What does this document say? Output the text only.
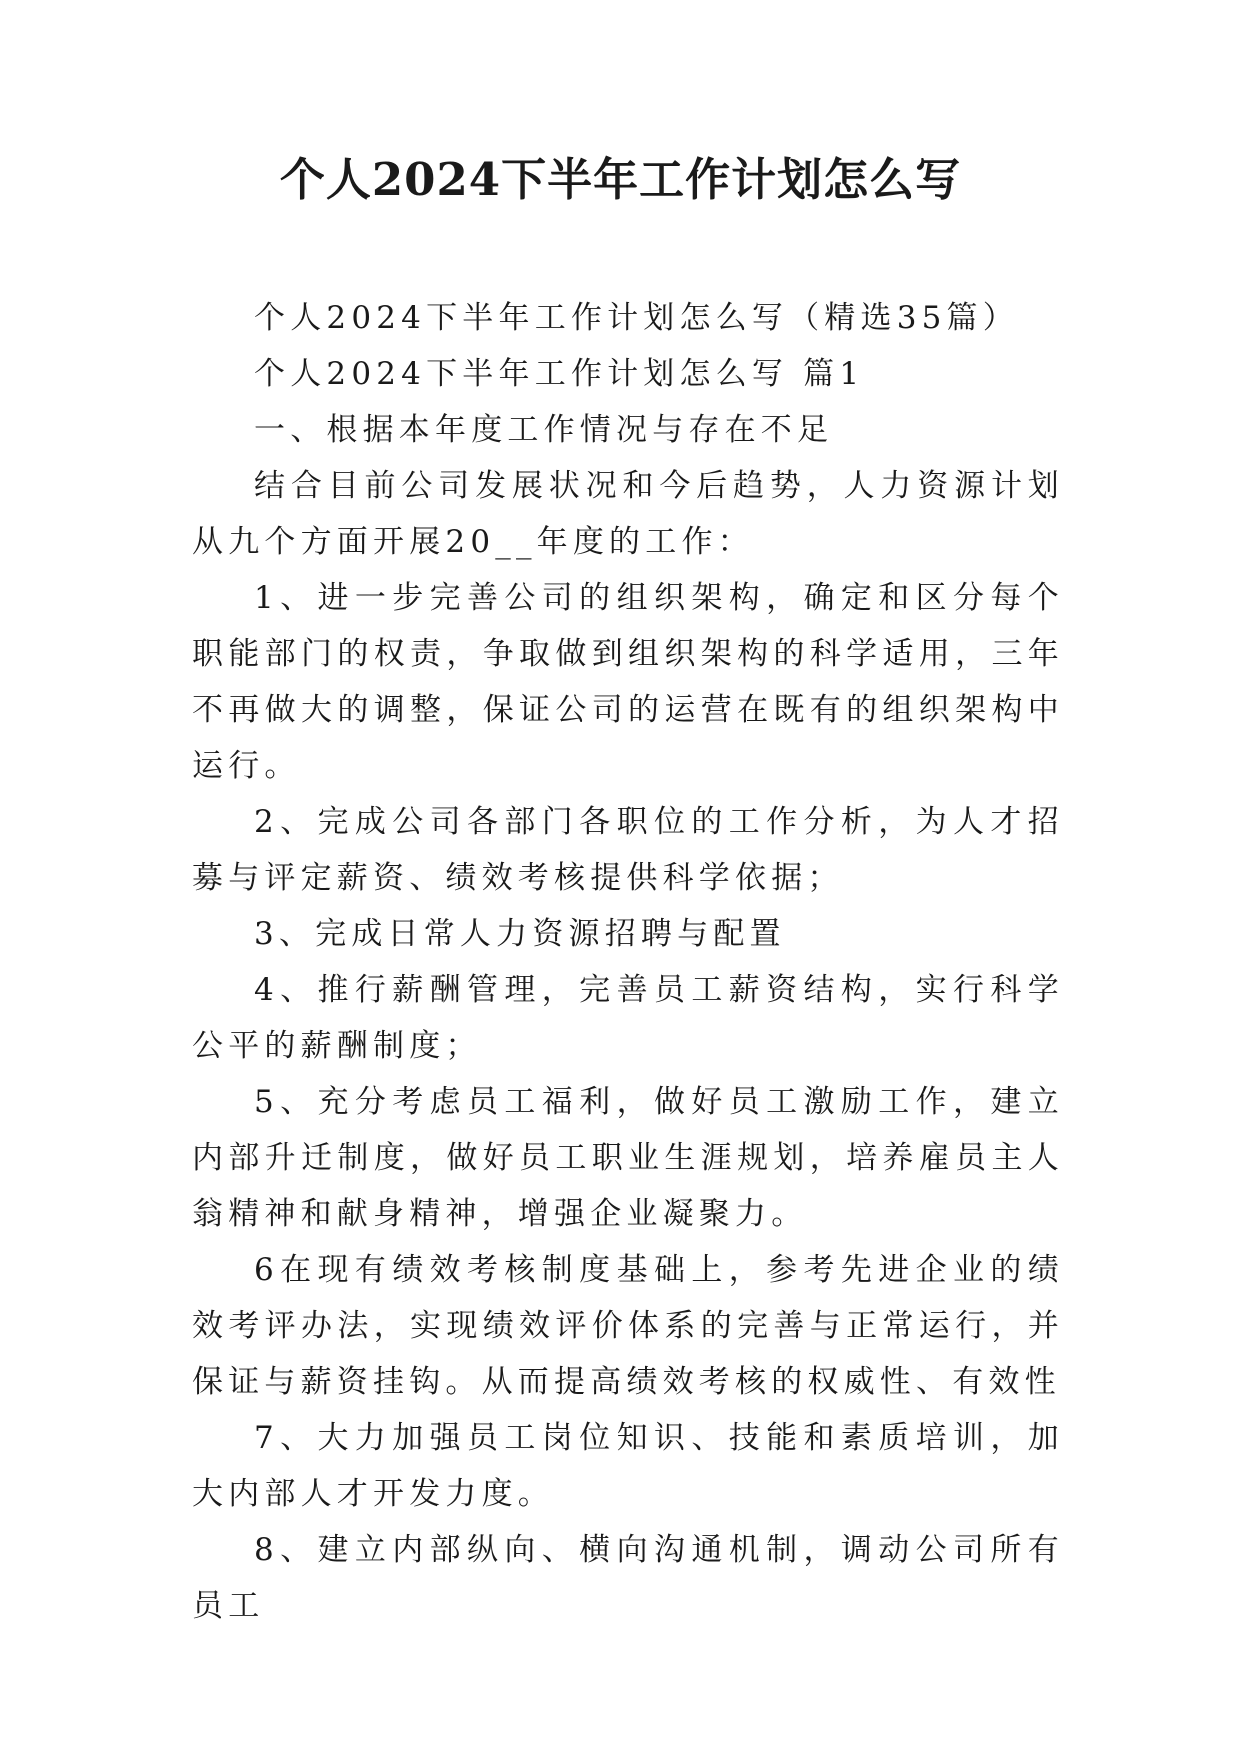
个人2024下半年工作计划怎么写

个人2024下半年工作计划怎么写（精选35篇）

个人2024下半年工作计划怎么写 篇1

一、根据本年度工作情况与存在不足

结合目前公司发展状况和今后趋势，人力资源计划从九个方面开展20__年度的工作：

1、进一步完善公司的组织架构，确定和区分每个职能部门的权责，争取做到组织架构的科学适用，三年不再做大的调整，保证公司的运营在既有的组织架构中运行。

2、完成公司各部门各职位的工作分析，为人才招募与评定薪资、绩效考核提供科学依据；

3、完成日常人力资源招聘与配置

4、推行薪酬管理，完善员工薪资结构，实行科学公平的薪酬制度；

5、充分考虑员工福利，做好员工激励工作，建立内部升迁制度，做好员工职业生涯规划，培养雇员主人翁精神和献身精神，增强企业凝聚力。

6在现有绩效考核制度基础上，参考先进企业的绩效考评办法，实现绩效评价体系的完善与正常运行，并保证与薪资挂钩。从而提高绩效考核的权威性、有效性

7、大力加强员工岗位知识、技能和素质培训，加大内部人才开发力度。

8、建立内部纵向、横向沟通机制，调动公司所有员工
